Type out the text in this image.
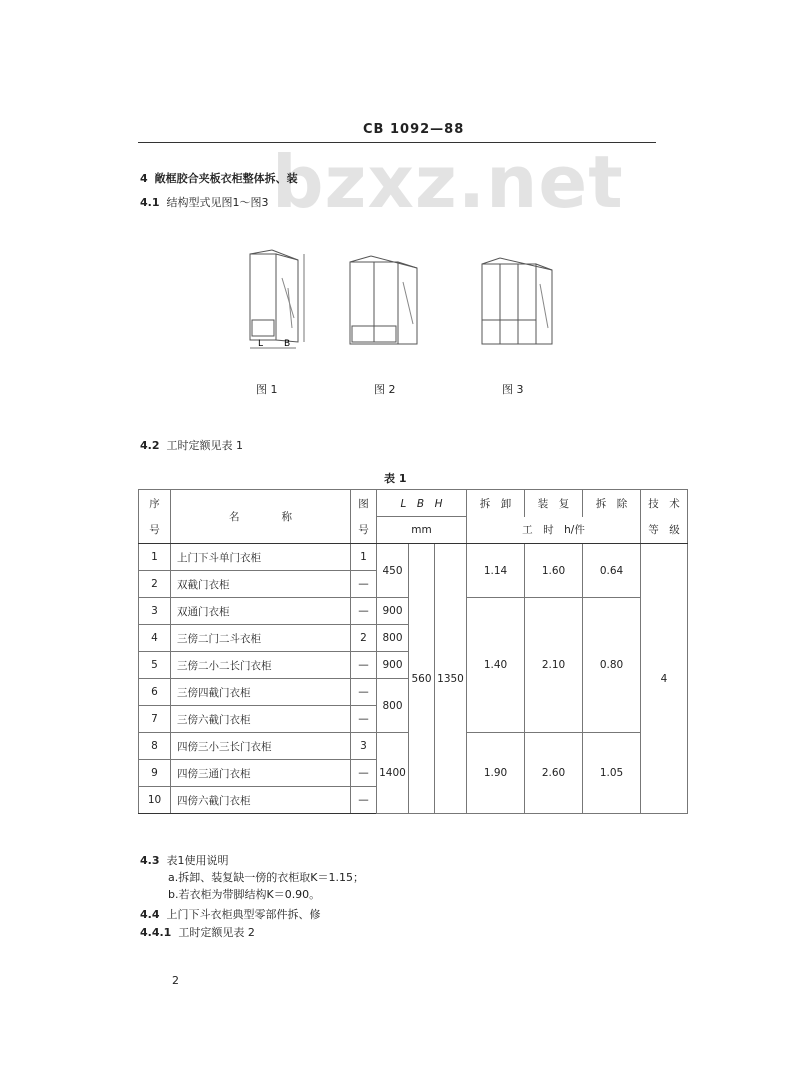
CB 1092—88
bzxz.net
4 敞框胶合夹板衣柜整体拆、装
4.1 结构型式见图1～图3
L B
图 1	图 2	图 3
4.2 工时定额见表 1
表 1
序	名　　　　称	图	L　B　H			拆　卸	装　复	拆　除	技　术
号		号	mm			工　时　h/件			等　级
1	上门下斗单门衣柜	1	450	560	1350	1.14	1.60	0.64	4
2	双截门衣柜	—							
3	双通门衣柜	—	900			1.40	2.10	0.80	
4	三傍二门二斗衣柜	2	800						
5	三傍二小二长门衣柜	—	900						
6	三傍四截门衣柜	—	800						
7	三傍六截门衣柜	—							
8	四傍三小三长门衣柜	3	1400			1.90	2.60	1.05	
9	四傍三通门衣柜	—							
10	四傍六截门衣柜	—							
4.3 表1使用说明
a.拆卸、装复缺一傍的衣柜取K＝1.15；
b.若衣柜为带脚结构K＝0.90。
4.4 上门下斗衣柜典型零部件拆、修
4.4.1 工时定额见表 2
2
